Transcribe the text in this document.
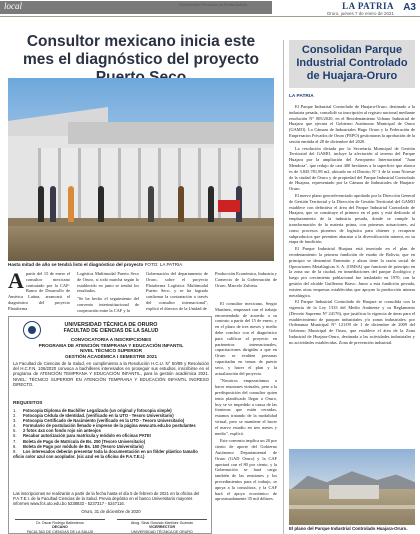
local	Viceministro Periódico la Patria Bolivia	LA PATRIA
Oruro, jueves 7 de enero de 2021
A3
Consultor mexicano inicia este mes el diagnóstico del proyecto
Hasta mitad de año se tendrá listo el diagnóstico del proyecto FOTO: LA PATRIA
A partir del 15 de enero el consultor mexicano contratado por la CAF-Banco de Desarrollo de América Latina, arrancará el diagnóstico del proyecto Plataforma

Logística Multimodal Puerto Seco de Oruro, si todo marcha según lo establecido en junio se tendrá los resultados.

"Se ha hecho el seguimiento del convenio interinstitucional de cooperación entre la CAF y la

Gobernación del departamento de Oruro, sobre el proyecto Plataforma Logística Multimodal Puerto Seco, y se ha logrado confirmar la contratación a través del consultor internacional", explicó el director de la Unidad de

Producción Económica, Industria y Comercio de la Gobernación de Oruro, Marcelo Zubieta.

El consultor mexicano, Sergio Martínez, empezará con el trabajo encomendado de acuerdo a su contrato a partir del 15 de enero, y en el plazo de tres meses y medio debe concluir con el diagnóstico para calificar al proyecto en parámetros internacionales, capacitaciones dirigidas a que en Oruro se evalúen personas capacitadas en temas de puerto seco, y hacer el plan y la actualización del proyecto.

"Nosotros empezaríamos a hacer reuniones virtuales, pese a la predisposición del consultor quien tenía planificado llegar a Oruro, hoy se ve impedido a causa de las fronteras que están cerradas, estamos tratando de la modalidad virtual, pero se mantiene el hacer el nuevo estudio en tres meses y medio", explicó.

Este convenio implica un 20 por ciento de aporte del Gobierno Autónomo Departamental de Oruro (GAD Oruro) y la CAF aportará con el 80 por ciento, y la Gobernación se hará cargo también de las reuniones y los procedimientos para el trabajo, se apoya a la consultora, y la CAF hará el apoyo económico de aproximadamente 35 mil dólares.

UNIVERSIDAD TÉCNICA DE ORURO
FACULTAD DE CIENCIAS DE LA SALUD
CONVOCATORIA A INSCRIPCIONES
PROGRAMA DE ATENCIÓN TEMPRANA Y EDUCACIÓN INFANTIL
NIVEL TÉCNICO SUPERIOR
GESTIÓN ACADÉMICA I SEMESTRE 2021
La Facultad de Ciencias de la Salud, en cumplimiento a la Resolución H.C.U. N° 50/89 y Resolución del H.C.F.N. 106/2020 convoca a bachilleres interesados en proseguir sus estudios, inscribirse en el programa de ATENCIÓN TEMPRANA Y EDUCACIÓN INFANTIL, para la gestión académica 2021. NIVEL: TÉCNICO SUPERIOR EN ATENCIÓN TEMPRANA Y EDUCACIÓN INFANTIL INGRESO DIRECTO.
REQUISITOS
1. Fotocopia Diploma de Bachiller Legalizado (un original y fotocopia simple)
2. Fotocopia Cédula de Identidad. (verificado en la UTO - Tesoro Universitario)
3. Fotocopia Certificado de Nacimiento (verificado en la UTO - Tesoro Universitario)
4. Formulario de postulación llenado e impreso de la página www.uto.edu.bo postulantes
5. 2 fotos 4x4 con fondo rojo sin anteojos
6. Recabar autorización para matrícula y módulo en oficinas PATEI
7. Boleta de Pago de Matrícula de Bs. 250 (Tesoro Universitario)
8. Boleta de Pago por módulo de Bs. 150 (Tesoro Universitario)
9. Los interesados deberán presentar toda la documentación en un fólder plástico tamaño oficio color azul con acoplador. (sic azul en la oficina de P.A.T.E.I.)
Las inscripciones se realizarán a partir de la fecha hasta el día 5 de febrero de 2021 en la oficina del P.A.T.E.I. de la Facultad Ciencias de la Salud. Previa depósito en el banco Universitario mayores informes www.fcs.uto.edu.bo 5238833 - 5237317 - 5247116.
Oruro, 31 de diciembre de 2020
Dr. Oscar Rodrigo Ballesteros
DECANO
FACULTAD DE CIENCIAS DE LA SALUD
Abog. Sinai Gonzalo Martínez Guzmán
VICERRECTOR
UNIVERSIDAD TÉCNICA DE ORURO
Consolidan Parque Industrial Controlado de Huajara-Oruro
LA PATRIA

El Parque Industrial Controlado de Huajara-Oruro, destinado a la industria pesada, consolidó su inscripción al registro nacional mediante resolución N° 005/2020, en el Reordenamiento Urbano Industrial de Huajara que ejecuta el Gobierno Autónomo Municipal de Oruro (GAMO). La Cámara de Industriales Hugo Oruro y la Federación de Empresarios Privados de Oruro (FEPO) gestionaron la aprobación de la sesión emitida el 28 de diciembre del 2020.

La resolución dictada por la Secretaría Municipal de Gestión Territorial del GAMO, incluye la afectación al terreno del Parque Huajara por la ampliación del Aeropuerto Internacional "Juan Mendoza", que redujo de casi 400 hectáreas a la superficie que abarca es de 3.845.781,98 m2, ubicado en el Distrito N° 3 de la zona Noreste de la ciudad de Oruro y de propiedad del Parque Industrial Controlado de Huajara, representado por la Cámara de Industriales de Huajara-Oruro.

El nuevo plano georreferenciado aprobado por la Dirección General de Gestión Territorial y la Dirección de Gestión Territorial del GAMO establece con definitiva el área del Parque Industrial Controlado de Huajara, que se constituye el primero en el país y está dedicado al emplazamiento de la industria pesada, donde se cumple la transformación de la materia prima, con primeras actuaciones, así como procesos pioneros de logística para obtener y recuperar subproductos que permiten abaratar a la diversificación minera, en su etapa de fundición.

El Parque Industrial Huajara está insertado en el plan de reordenamiento la primera fundición de estaño de Bolivia, que en principio se denominó Enmenito y ahora tiene la razón social de Operaciones Metalúrgicas S. A. (OMSA) que funcionó de principio en la zona sur de la ciudad, en inmediaciones del parque Zoológico y luego por crecimiento poblacional fue trasladado en 1970, con la gestión del alcalde Guillermo Bravo. Junto a esta fundición privada, existen otras empresas establecidas que apoyan la producción minera metalúrgica.

El Parque Industrial Controlado de Huajara se consolida con la vigencia de la Ley 1333 del Medio Ambiente y su Reglamento (Decreto Supremo N° 24176), que justificar la vigencia de áreas para el establecimiento de parques industriales y/o zonas industriales; por Ordenanza Municipal N° 121/09 de 1 de diciembre de 2009 del Gobierno Municipal de Oruro, que establece el área de la Zona Industrial de Huajara-Oruro, destinada a las actividades industriales y no actividades establecidas. Zona de prevención industrial.

El plano del Parque Industrial Controlado Huajara-Oruro.
